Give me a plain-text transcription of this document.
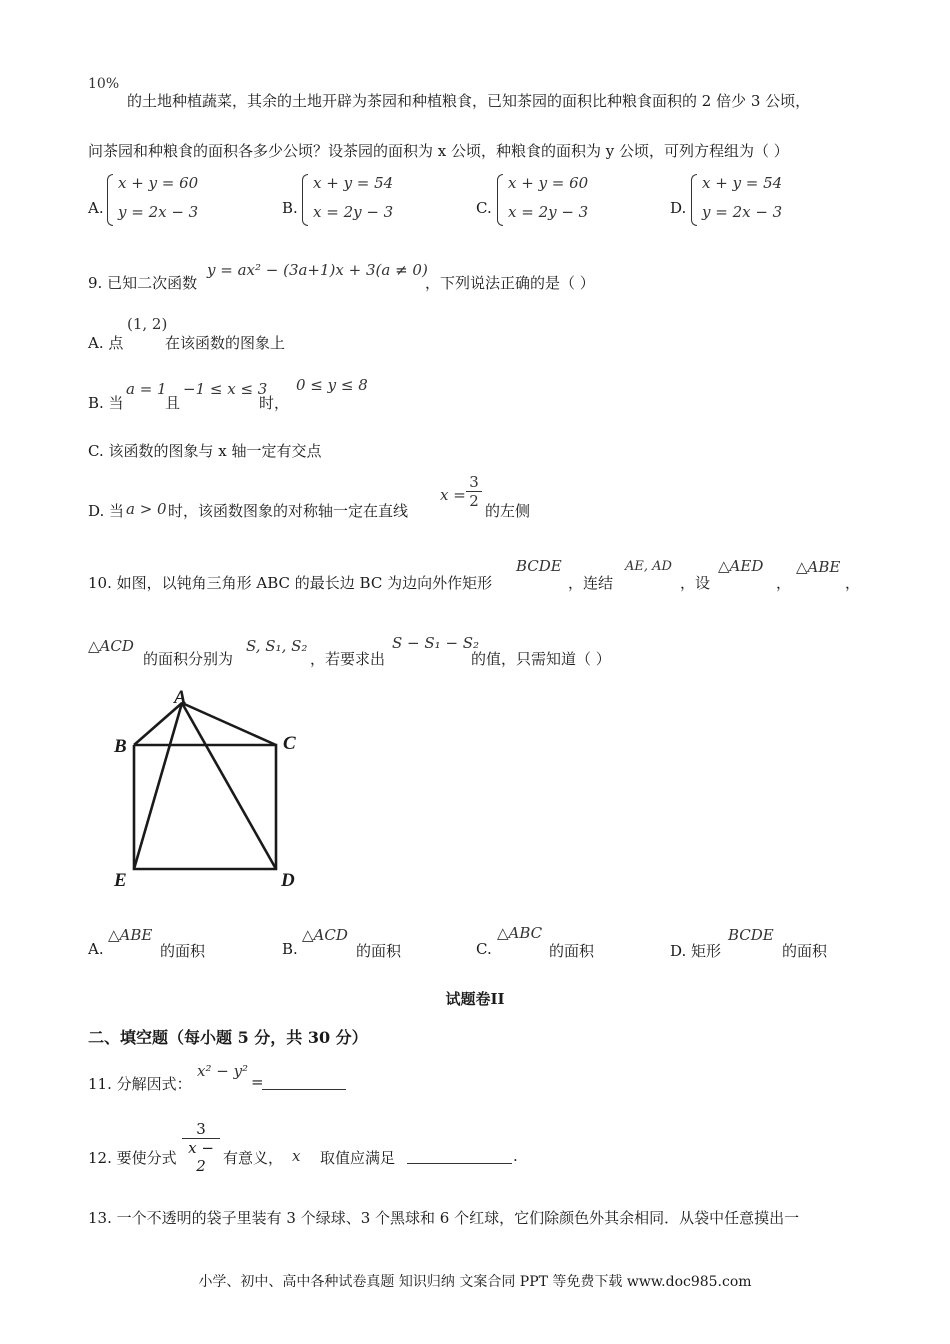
10%
的土地种植蔬菜，其余的土地开辟为茶园和种植粮食，已知茶园的面积比种粮食面积的 2 倍少 3 公顷，
问茶园和种粮食的面积各多少公顷？设茶园的面积为 x 公顷，种粮食的面积为 y 公顷，可列方程组为（ ）
A.
x + y = 60
y = 2x − 3	B.
x + y = 54
x = 2y − 3	C.
x + y = 60
x = 2y − 3	D.
x + y = 54
y = 2x − 3
9. 已知二次函数
y = ax² − (3a+1)x + 3(a ≠ 0)
，下列说法正确的是（ ）
A. 点
(1, 2)
在该函数的图象上
B. 当
a = 1
且
−1 ≤ x ≤ 3
时，
0 ≤ y ≤ 8
C. 该函数的图象与 x 轴一定有交点
D. 当 a > 0 时，该函数图象的对称轴一定在直线
$x = \frac{3}{2}$
的左侧
10. 如图，以钝角三角形 ABC 的最长边 BC 为边向外作矩形
BCDE
，连结
AE, AD
，设
△AED
，
△ABE
，
△ACD
的面积分别为
S, S₁, S₂
，若要求出
S − S₁ − S₂
的值，只需知道（ ）
A
B	C
D
E
A.
△ABE
的面积	B.
△ACD
的面积	C.
△ABC
的面积	D. 矩形
BCDE
的面积
试题卷II
二、填空题（每小题 5 分，共 30 分）
11. 分解因式：
x² − y²
=
12. 要使分式 $\frac{3}{x - 2}$ 有意义， x 取值应满足	.
13. 一个不透明的袋子里装有 3 个绿球、3 个黑球和 6 个红球，它们除颜色外其余相同．从袋中任意摸出一
小学、初中、高中各种试卷真题 知识归纳 文案合同 PPT 等免费下载 www.doc985.com
